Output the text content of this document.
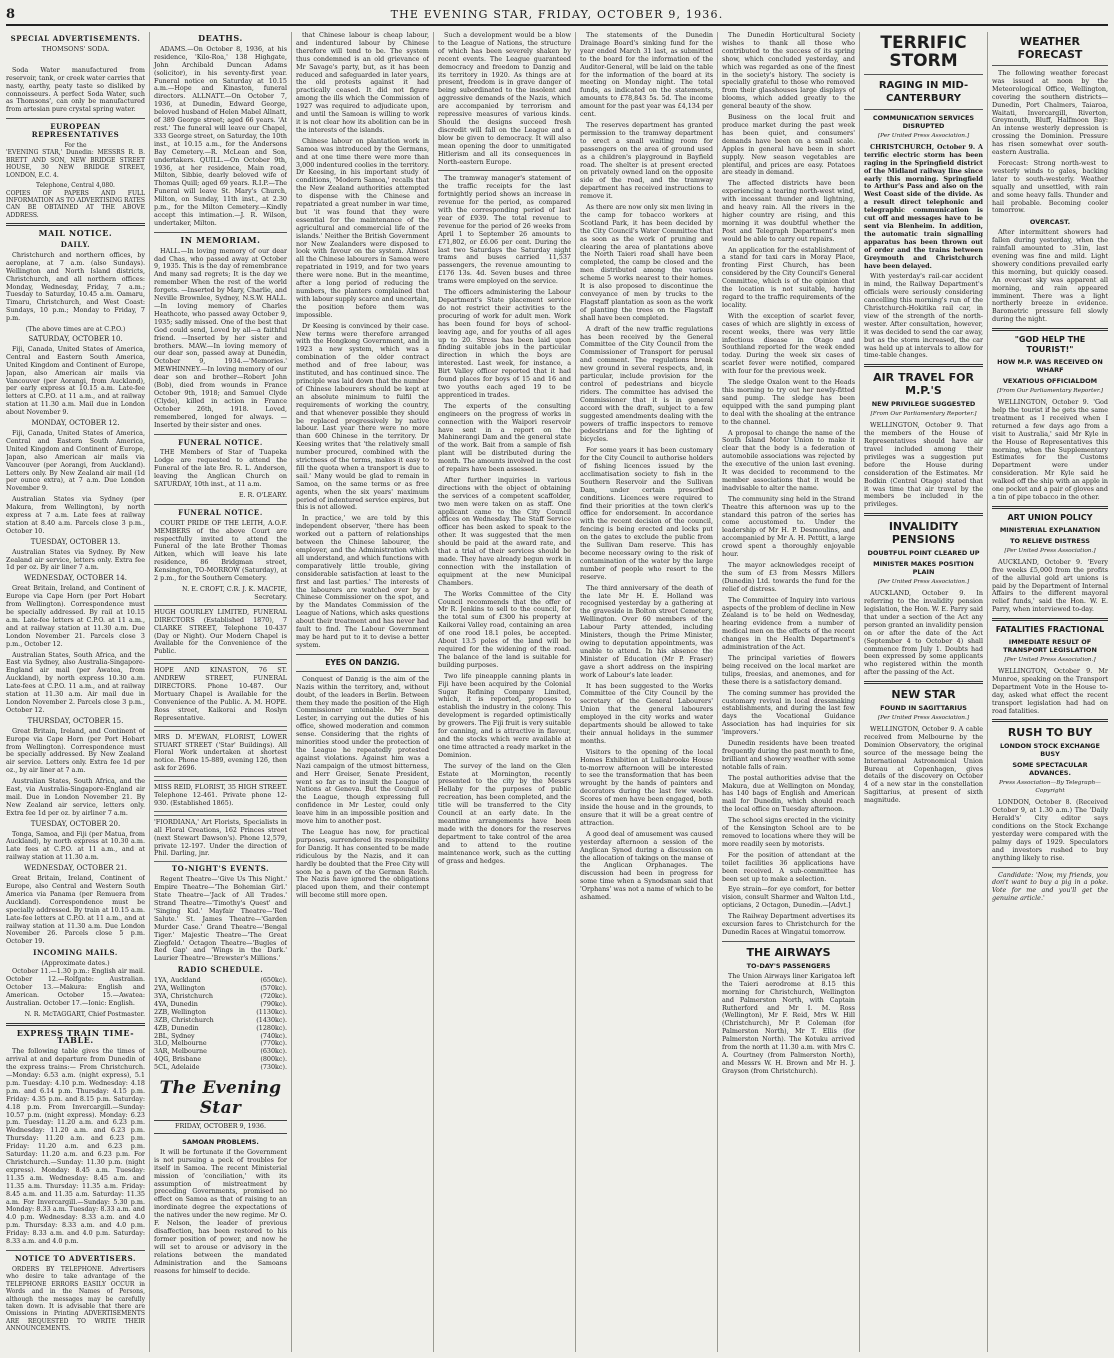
8	THE EVENING STAR, FRIDAY, OCTOBER 9, 1936.
SPECIAL ADVERTISEMENTS.
THOMSONS' SODA.
Soda Water manufactured from reservoir, tank, or creek water carries that nasty, earthy, peaty taste so disliked by connoisseurs. A perfect Soda Water, such as Thomsons', can only be manufactured from artesian pure crystal spring water.
EUROPEAN REPRESENTATIVES
For the
'EVENING STAR,' Dunedin: MESSRS R. B. BRETT AND SON, NEW BRIDGE STREET HOUSE, 30 NEW BRIDGE STREET, LONDON, E.C. 4.
Telephone, Central 4,080.
COPIES OF PAPERS AND FULL INFORMATION AS TO ADVERTISING RATES CAN BE OBTAINED AT THE ABOVE ADDRESS.
MAIL NOTICE.
DAILY.
Christchurch and northern offices, by aeroplane, at 7 a.m. (also Sundays). Wellington and North Island districts, Christchurch, and all northern offices: Monday, Wednesday, Friday, 7 a.m.; Tuesday to Saturday, 10.45 a.m. Oamaru, Timaru, Christchurch, and West Coast: Sundays, 10 p.m.; Monday to Friday, 7 p.m.
(The above times are at C.P.O.)
SATURDAY, OCTOBER 10.
Fiji, Canada, United States of America, Central and Eastern South America, United Kingdom and Continent of Europe, Japan, also American air mails via Vancouver (per Aorangi, from Auckland), per early express at 10.15 a.m. Late-fee letters at C.P.O. at 11 a.m., and at railway station at 11.30 a.m. Mail due in London about November 9.
MONDAY, OCTOBER 12.
Fiji, Canada, United States of America, Central and Eastern South America, United Kingdom and Continent of Europe, Japan, also American air mails via Vancouver (per Aorangi, from Auckland). Letters only. By New Zealand air mail (1d per ounce extra), at 7 a.m. Due London November 9.
Australian States via Sydney (per Makura, from Wellington), by north express at 7 a.m. Late fees at railway station at 8.40 a.m. Parcels close 3 p.m., October 10.
TUESDAY, OCTOBER 13.
Australian States via Sydney. By New Zealand air service, letters only. Extra fee 1d per oz. By air liner 7 a.m.
WEDNESDAY, OCTOBER 14.
Great Britain, Ireland, and Continent of Europe via Cape Horn (per Port Hobart from Wellington). Correspondence must be specially addressed. By rail at 10.15 a.m. Late-fee letters at C.P.O. at 11 a.m., and at railway station at 11.30 a.m. Due London November 21. Parcels close 3 p.m., October 12.
Australian States, South Africa, and the East via Sydney, also Australia-Singapore-England air mail (per Awatea, from Auckland), by north express 10.30 a.m. Late-fees at C.P.O. 11 a.m., and at railway station at 11.30 a.m. Air mail due in London November 2. Parcels close 3 p.m., October 12.
THURSDAY, OCTOBER 15.
Great Britain, Ireland, and Continent of Europe via Cape Horn (per Port Hobart from Wellington). Correspondence must be specially addressed. By New Zealand air service. Letters only. Extra fee 1d per oz., by air liner at 7 a.m.
Australian States, South Africa, and the East, via Australia-Singapore-England air mail. Due in London November 21. By New Zealand air service, letters only. Extra fee 1d per oz. by airliner 7 a.m.
TUESDAY, OCTOBER 20.
Tonga, Samoa, and Fiji (per Matua, from Auckland), by north express at 10.30 a.m. Late fees at C.P.O. at 11 a.m., and at railway station at 11.30 a.m.
WEDNESDAY, OCTOBER 21.
Great Britain, Ireland, Continent of Europe, also Central and Western South America via Panama (per Remuera from Auckland). Correspondence must be specially addressed. By train at 10.15 a.m. Late-fee letters at C.P.O. at 11 a.m., and at railway station at 11.30 a.m. Due London November 26. Parcels close 5 p.m. October 19.
INCOMING MAILS.
(Approximate dates.)
October 11.—1.30 p.m.: English air mail. October 12.—Rolfgate: Australian. October 13.—Makura: English and American. October 15.—Awatea: Australian. October 17.—Ionic: English.
N. R. McTAGGART, Chief Postmaster.
EXPRESS TRAIN TIME-TABLE.
The following table gives the times of arrival at and departure from Dunedin of the express trains:— From Christchurch.—Monday: 6.53 a.m. (night express), 5.1 p.m. Tuesday: 4.10 p.m. Wednesday: 4.18 p.m. and 6.14 p.m. Thursday: 4.15 p.m. Friday: 4.35 p.m. and 8.15 p.m. Saturday: 4.18 p.m. From Invercargill.—Sunday: 10.57 p.m. (night express). Monday: 6.23 p.m. Tuesday: 11.20 a.m. and 6.23 p.m. Wednesday: 11.20 a.m. and 6.23 p.m. Thursday: 11.20 a.m. and 6.23 p.m. Friday: 11.20 a.m. and 6.23 p.m. Saturday: 11.20 a.m. and 6.23 p.m. For Christchurch.—Sunday: 11.30 p.m. (night express). Monday: 8.45 a.m. Tuesday: 11.35 a.m. Wednesday: 8.45 a.m. and 11.35 a.m. Thursday: 11.35 a.m. Friday: 8.45 a.m. and 11.35 a.m. Saturday: 11.35 a.m. For Invercargill.—Sunday: 5.30 p.m. Monday: 8.33 a.m. Tuesday: 8.33 a.m. and 4.0 p.m. Wednesday: 8.33 a.m. and 4.0 p.m. Thursday: 8.33 a.m. and 4.0 p.m. Friday: 8.33 a.m. and 4.0 p.m. Saturday: 8.33 a.m. and 4.0 p.m.
NOTICE TO ADVERTISERS.
ORDERS BY TELEPHONE. Advertisers who desire to take advantage of the TELEPHONE ERRORS EASILY OCCUR in Words and in the Names of Persons, although the messages may be carefully taken down. It is advisable that there are Omissions in Printing ADVERTISEMENTS ARE REQUESTED TO WRITE THEIR ANNOUNCEMENTS.
DEATHS.
ADAMS.—On October 8, 1936, at his residence, 'Kilo-Roa,' 138 Highgate, John Archibald Duncan Adams (solicitor), in his seventy-first year. Funeral notice on Saturday at 10.15 a.m.—Hope and Kinaston, funeral directors. ALLNATT.—On October 7, 1936, at Dunedin, Edward George, beloved husband of Helen Mabel Allnatt, of 389 George street; aged 66 years. 'At rest.' The funeral will leave our Chapel, 333 George street, on Saturday, the 10th inst., at 10.15 a.m., for the Andersons Bay Cemetery.—R. McLean and Son, undertakers. QUILL.—On October 9th, 1936, at her residence, Main road, Milton, Sibbie, dearly beloved wife of Thomas Quill; aged 69 years. R.I.P.—The Funeral will leave St. Mary's Church, Milton, on Sunday, 11th inst., at 2.30 p.m., for the Milton Cemetery.—Kindly accept this intimation.—J. R. Wilson, undertaker, Milton.
IN MEMORIAM.
HALL.—In loving memory of our dear dad Chas, who passed away at October 9, 1935. This is the day of remembrance And many sad regrets; It is the day we remember When the rest of the world forgets. —Inserted by Mary, Charlie, and Neville Brownlee, Sydney, N.S.W. HALL.—In loving memory of Charles Heathcote, who passed away October 9, 1935; sadly missed. One of the best that God could send, Loved by all—a faithful friend. —Inserted by her sister and brothers. MAW.—In loving memory of our dear son, passed away at Dunedin, October 9, 1934.—'Memories.' MEWHINNEY.—In loving memory of our dear son and brother—Robert John (Bob), died from wounds in France October 9th, 1918; and Samuel Clyde (Clyde), killed in action in France October 26th, 1918. Loved, remembered, longed for always. —Inserted by their sister and ones.
FUNERAL NOTICE.
THE Members of Star of Tuapeka Lodge are requested to attend the Funeral of the late Bro. R. L. Anderson, leaving the Anglican Church on SATURDAY, 10th inst., at 11 a.m.
E. R. O'LEARY.
FUNERAL NOTICE.
COURT PRIDE OF THE LEITH, A.O.F. MEMBERS of the above Court are respectfully invited to attend the Funeral of the late Brother Thomas Aitken, which will leave his late residence, 86 Bridgman street, Kensington, TO-MORROW (Saturday), at 2 p.m., for the Southern Cemetery.
N. E. CROFT, C.R. J. K. MACFIE, Secretary.
HUGH GOURLEY LIMITED, FUNERAL DIRECTORS (Established 1870), 7 CLARKE STREET, Telephone 10-437 (Day or Night). Our Modern Chapel is Available for the Convenience of the Public.
HOPE AND KINASTON, 76 ST. ANDREW STREET, FUNERAL DIRECTORS. Phone 10-487. Our Mortuary Chapel is Available for the Convenience of the Public. A. M. HOPE. Ross street, Kaikorai and Roslyn Representative.
MRS D. M'EWAN, FLORIST, LOWER STUART STREET ('Star' Buildings). All Floral Work undertaken at shortest notice. Phone 15-889, evening 126, then ask for 2696.
MISS REID, FLORIST, 35 HIGH STREET. Telephone 12-461. Private phone 12-930. (Established 1865).
'FIORDIANA,' Art Florists, Specialists in all Floral Creations, 162 Princes street (next Stewart Dawson's). Phone 12,579, private 12-197. Under the direction of Phil. Darling, jnr.
TO-NIGHT'S EVENTS.
Regent Theatre—'Give Us This Night.' Empire Theatre—'The Bohemian Girl.' State Theatre—'Jack of All Trades.' Strand Theatre—'Timothy's Quest' and 'Singing Kid.' Mayfair Theatre—'Red Salute.' St. James Theatre—'Garden Murder Case.' Grand Theatre—'Bengal Tiger.' Majestic Theatre—'The Great Ziegfeld.' Octagon Theatre—'Bugles of Red Gap' and 'Wings in the Dark.' Laurier Theatre—'Brewster's Millions.'
RADIO SCHEDULE.
1YA, Auckland	(650kc).
2YA, Wellington	(570kc).
3YA, Christchurch	(720kc).
4YA, Dunedin	(790kc).
2ZB, Wellington	(1130kc).
3ZB, Christchurch	(1430kc).
4ZB, Dunedin	(1280kc).
2BL, Sydney	(740kc).
3LO, Melbourne	(770kc).
3AR, Melbourne	(630kc).
4QG, Brisbane	(800kc).
5CL, Adelaide	(730kc).
The Evening Star
FRIDAY, OCTOBER 9, 1936.
SAMOAN PROBLEMS.
It will be fortunate if the Government is not pursuing a peck of troubles for itself in Samoa. The recent Ministerial mission of 'conciliation,' with its assumption of mistreatment by preceding Governments, promised no effect on Samoa as that of raising to an inordinate degree the expectations of the natives under the new regime. Mr O. F. Nelson, the leader of previous disaffection, has been restored to his former position of power, and now he will set to arouse or advisory in the relations between the mandated Administration and the Samoans reasons for himself to decide.
that Chinese labour is cheap labour, and indentured labour by Chinese therefore will tend to be. The system thus condemned is an old grievance of Mr Savage's party, but, as it has been reduced and safeguarded in later years, the old protests against it had practically ceased. It did not figure among the ills which the Commission of 1927 was required to adjudicate upon, and until the Samoan is willing to work it is not clear how its abolition can be in the interests of the islands.
Chinese labour on plantation work in Samoa was introduced by the Germans, and at one time there were more than 3,000 indentured coolies in the territory. Dr Keesing, in his important study of conditions, 'Modern Samoa,' recalls that the New Zealand authorities attempted to dispense with the Chinese and repatriated a great number in war time, but 'it was found that they were essential for the maintenance of the agricultural and commercial life of the islands.' Neither the British Government nor New Zealanders were disposed to look with favour on the system. Almost all the Chinese labourers in Samoa were repatriated in 1919, and for two years there were none. But in the meantime, after a long period of reducing the numbers, the planters complained that with labour supply scarce and uncertain, the position before them was impossible.
Dr Keesing is convinced by their case. New terms were therefore arranged with the Hongkong Government, and in 1923 a new system, which was a combination of the older contract method and of free labour, was instituted, and has continued since. The principle was laid down that the number of Chinese labourers should be kept at an absolute minimum to fulfil the requirements of working the country, and that whenever possible they should be replaced progressively by native labour. Last year there were no more than 600 Chinese in the territory. Dr Keesing writes that 'the relatively small number procured, combined with the strictness of the terms, makes it easy to fill the quota when a transport is due to sail.' Many would be glad to remain in Samoa, on the same terms or as free agents, when the six years' maximum period of indentured service expires, but this is not allowed.
In practice,' we are told by this independent observer, 'there has been worked out a pattern of relationships between the Chinese labourer, the employer, and the Administration which all understand, and which functions with comparatively little trouble, giving considerable satisfaction at least to the first and last parties.' The interests of the labourers are watched over by a Chinese Commissioner on the spot, and by the Mandates Commission of the League of Nations, which asks questions about their treatment and has never had fault to find. The Labour Government may be hard put to it to devise a better system.
EYES ON DANZIG.
Conquest of Danzig is the aim of the Nazis within the territory, and, without doubt, of the leaders in Berlin. Between them they made the position of the High Commissioner untenable. Mr Sean Lester, in carrying out the duties of his office, showed moderation and common sense. Considering that the rights of minorities stood under the protection of the League he repeatedly protested against violations. Against him was a Nazi campaign of the utmost bitterness, and Herr Greiser, Senate President, went so far as to insult the League of Nations at Geneva. But the Council of the League, though expressing full confidence in Mr Lester, could only leave him in an impossible position and move him to another post.
The League has now, for practical purposes, surrendered its responsibility for Danzig. It has consented to be made ridiculous by the Nazis, and it can hardly be doubted that the Free City will soon be a pawn of the German Reich. The Nazis have ignored the obligations placed upon them, and their contempt will become still more open.
Such a development would be a blow to the League of Nations, the structure of which has been severely shaken by recent events. The League guaranteed democracy and freedom to Danzig and its territory in 1920. As things are at present, freedom is in grave danger of being subordinated to the insolent and aggressive demands of the Nazis, which are accompanied by terrorism and repressive measures of various kinds. Should the designs succeed fresh discredit will fall on the League and a blow be given to democracy. It will also mean opening the door to unmitigated Hitlerism and all its consequences in North-eastern Europe.
The tramway manager's statement of the traffic receipts for the last fortnightly period shows an increase in revenue for the period, as compared with the corresponding period of last year of £939. The total revenue to revenue for the period of 26 weeks from April 1 to September 26 amounts to £71,802, or £6.06 per cent. During the last two Saturdays the Saturday night trams and buses carried 11,537 passengers, the revenue amounting to £176 13s. 4d. Seven buses and three trams were employed on the service.
The officers administering the Labour Department's State placement service do not restrict their activities to the procuring of work for adult men. Work has been found for boys of school-leaving age, and for youths of all ages up to 20. Stress has been laid upon finding suitable jobs in the particular direction in which the boys are interested. Last week, for instance, a Birt Valley officer reported that it had found places for boys of 15 and 16 and two youths each aged 19 to be apprenticed in trades.
The experts of the consulting engineers on the progress of works in connection with the Waipori reservoir have sent in a report on the Mahinerangi Dam and the general state of the work. Bait from a sample of fish plant will be distributed during the month. The amounts involved in the cost of repairs have been assessed.
After further inquiries in various directions with the object of obtaining the services of a competent scaffolder, two men were taken on as staff. One applicant came to the City Council offices on Wednesday. The Staff Service officer has been asked to speak to the other. It was suggested that the men should be paid at the award rate, and that a trial of their services should be made. They have already begun work in connection with the installation of equipment at the new Municipal Chambers.
The Works Committee of the City Council recommends that the offer of Mr R. Jenkins to sell to the council, for the total sum of £300 his property at Kaikorai Valley road, containing an area of one rood 18.1 poles, be accepted. About 13.5 poles of the land will be required for the widening of the road. The balance of the land is suitable for building purposes.
Two life pineapple canning plants in Fiji have been acquired by the Colonial Sugar Refining Company Limited, which, it is reported, proposes to establish the industry in the colony. This development is regarded optimistically by growers. The Fiji fruit is very suitable for canning, and is attractive in flavour, and the stocks which were available at one time attracted a ready market in the Dominion.
The survey of the land on the Glen Estate at Mornington, recently presented to the city by the Messrs Hellaby for the purposes of public recreation, has been completed, and the title will be transferred to the City Council at an early date. In the meantime arrangements have been made with the donors for the reserves department to take control of the area and to attend to the routine maintenance work, such as the cutting of grass and hedges.
The statements of the Dunedin Drainage Board's sinking fund for the year ended March 31 last, as submitted to the board for the information of the Auditor-General, will be laid on the table for the information of the board at its meeting on Monday night. The total funds, as indicated on the statements, amounts to £78,843 5s. 5d. The income amount for the past year was £4,134 per cent.
The reserves department has granted permission to the tramway department to erect a small waiting room for passengers on the area of ground used as a children's playground in Bayfield road. The shelter is at present erected on privately owned land on the opposite side of the road, and the tramway department has received instructions to remove it.
As there are now only six men living in the camp for tobacco workers at Scotland Park, it has been decided by the City Council's Water Committee that as soon as the work of pruning and clearing the area of plantations above the North Taieri road shall have been completed, the camp be closed and the men distributed among the various scheme 5 works nearest to their homes. It is also proposed to discontinue the conveyance of men by trucks to the Flagstaff plantation as soon as the work of planting the trees on the Flagstaff shall have been completed.
A draft of the new traffic regulations has been received by the General Committee of the City Council from the Commissioner of Transport for perusal and comment. The regulations break new ground in several respects, and, in particular, include provision for the control of pedestrians and bicycle riders. The committee has advised the Commissioner that it is in general accord with the draft, subject to a few suggested amendments dealing with the powers of traffic inspectors to remove pedestrians and for the lighting of bicycles.
For some years it has been customary for the City Council to authorise holders of fishing licences issued by the acclimatisation society to fish in the Southern Reservoir and the Sullivan Dam, under certain prescribed conditions. Licences were required to find their priorities at the town clerk's office for endorsement. In accordance with the recent decision of the council, fencing is being erected and locks put on the gates to exclude the public from the Sullivan Dam reserve. This has become necessary owing to the risk of contamination of the water by the large number of people who resort to the reserve.
The third anniversary of the death of the late Mr H. E. Holland was recognised yesterday by a gathering at the graveside in Bolton street Cemetery, Wellington. Over 60 members of the Labour Party attended, including Ministers, though the Prime Minister, owing to deputation appointments, was unable to attend. In his absence the Minister of Education (Mr P. Fraser) gave a short address on the inspiring work of Labour's late leader.
It has been suggested to the Works Committee of the City Council by the secretary of the General Labourers' Union that the general labourers employed in the city works and water departments should be allowed to take their annual holidays in the summer months.
Visitors to the opening of the local Homes Exhibition at Lullabrooke House to-morrow afternoon will be interested to see the transformation that has been wrought by the hands of painters and decorators during the last few weeks. Scores of men have been engaged, both inside the house and in the grounds, to ensure that it will be a great centre of attraction.
A good deal of amusement was caused yesterday afternoon a session of the Anglican Synod during a discussion on the allocation of takings on the manse of the Anglican Orphanages. The discussion had been in progress for some time when a Synodsman said that 'Orphans' was not a name of which to be ashamed.
The Dunedin Horticultural Society wishes to thank all those who contributed to the success of its spring show, which concluded yesterday, and which was regarded as one of the finest in the society's history. The society is specially grateful to those who removed from their glasshouses large displays of blooms, which added greatly to the general beauty of the show.
Business on the local fruit and produce market during the past week has been quiet, and consumers' demands have been on a small scale. Apples in general have been in short supply. New season vegetables are plentiful, and prices are easy. Potatoes are steady in demand.
The affected districts have been experiencing a tearing north-west wind, with incessant thunder and lightning, and heavy rain. All the rivers in the higher country are rising, and this morning it was doubtful whether the Post and Telegraph Department's men would be able to carry out repairs.
An application for the establishment of a stand for taxi cars in Moray Place, fronting First Church, has been considered by the City Council's General Committee, which is of the opinion that the location is not suitable, having regard to the traffic requirements of the locality.
With the exception of scarlet fever, cases of which are slightly in excess of recent weeks, there was very little infectious disease in Otago and Southland reported for the week ended today. During the week six cases of scarlet fever were notified, compared with four for the previous week.
The sledge Oxalon went to the Heads this morning to try out her newly-fitted sand pump. The sledge has been equipped with the sand pumping plant to deal with the shoaling at the entrance to the channel.
A proposal to change the name of the South Island Motor Union to make it clear that the body is a federation of automobile associations was rejected by the executive of the union last evening. It was decided to recommend to the member associations that it would be inadvisable to alter the name.
The community sing held in the Strand Theatre this afternoon was up to the standard this patron of the series has come accustomed to. Under the leadership of Mr H. P. Desmoulins, and accompanied by Mr A. H. Pettitt, a large crowd spent a thoroughly enjoyable hour.
The mayor acknowledges receipt of the sum of £3 from Messrs Millers (Dunedin) Ltd. towards the fund for the relief of distress.
The Committee of Inquiry into various aspects of the problem of decline in New Zealand is to be held on Wednesday, hearing evidence from a number of medical men on the effects of the recent changes in the Health Department's administration of the Act.
The principal varieties of flowers being received on the local market are tulips, freesias, and anemones, and for these there is a satisfactory demand.
The coming summer has provided the customary revival in local dressmaking establishments, and during the last few days the Vocational Guidance Association has had inquiries for six 'improvers.'
Dunedin residents have been treated frequently during the past month to fine, brilliant and showery weather with some notable falls of rain.
The postal authorities advise that the Makura, due at Wellington on Monday, has 140 bags of English and American mail for Dunedin, which should reach the local office on Tuesday afternoon.
The school signs erected in the vicinity of the Kensington School are to be removed to locations where they will be more readily seen by motorists.
For the position of attendant at the toilet facilities 36 applications have been received. A sub-committee has been set up to make a selection.
Eye strain—for eye comfort, for better vision, consult Sharmer and Walton Ltd., opticians, 2 Octagon, Dunedin.—[Advt.]
The Railway Department advertises its excursion fares to Christchurch for the Dunedin Races at Wingatui tomorrow.
THE AIRWAYS
TO-DAY'S PASSENGERS
The Union Airways liner Karigatoa left the Taieri aerodrome at 8.15 this morning for Christchurch, Wellington and Palmerston North, with Captain Rutherford and Mr I. M. Ross (Wellington), Mr F. Reid, Mrs W. Hill (Christchurch), Mr P. Coleman (for Palmerston North), Mr T. Ellis (for Palmerston North). The Kotuku arrived from the north at 11.30 a.m. with Mrs C. A. Courtney (from Palmerston North), and Messrs W. H. Brown and Mr H. J. Grayson (from Christchurch).
TERRIFIC STORM
RAGING IN MID-CANTERBURY
COMMUNICATION SERVICES DISRUPTED
[Per United Press Association.]
CHRISTCHURCH, October 9. A terrific electric storm has been raging in the Springfield district of the Midland railway line since early this morning. Springfield to Arthur's Pass and also on the West Coast side of the divide. As a result direct telephonic and telegraphic communication is cut off and messages have to be sent via Blenheim. In addition, the automatic train signalling apparatus has been thrown out of order and the trains between Greymouth and Christchurch have been delayed.
With yesterday's rail-car accident in mind, the Railway Department's officials were seriously considering cancelling this morning's run of the Christchurch-Hokitika rail car, in view of the strength of the north-wester. After consultation, however, it was decided to send the car away, but as the storm increased, the car was held up at intervals to allow for time-table changes.
AIR TRAVEL FOR M.P.'S
NEW PRIVILEGE SUGGESTED
[From Our Parliamentary Reporter.]
WELLINGTON, October 9. That the members of the House of Representatives should have air travel included among their privileges was a suggestion put before the House during consideration of the Estimates. Mr Bodkin (Central Otago) stated that it was time that air travel by the members be included in the privileges.
INVALIDITY PENSIONS
DOUBTFUL POINT CLEARED UP
MINISTER MAKES POSITION PLAIN
[Per United Press Association.]
AUCKLAND, October 9. In referring to the invalidity pension legislation, the Hon. W. E. Parry said that under a section of the Act any person granted an invalidity pension on or after the date of the Act (September 4 to October 4) shall commence from July 1. Doubts had been expressed by some applicants who registered within the month after the passing of the Act.
NEW STAR
FOUND IN SAGITTARIUS
[Per United Press Association.]
WELLINGTON, October 9. A cable received from Melbourne by the Dominion Observatory, the original source of the message being the International Astronomical Union Bureau at Copenhagen, gives details of the discovery on October 4 of a new star in the constellation Sagittarius, at present of sixth magnitude.
WEATHER FORECAST
The following weather forecast was issued at noon by the Meteorological Office, Wellington, covering the southern districts—Dunedin, Port Chalmers, Taiaroa, Waitati, Invercargill, Riverton, Greymouth, Bluff, Halfmoon Bay: An intense westerly depression is crossing the Dominion. Pressure has risen somewhat over south-eastern Australia.
Forecast: Strong north-west to westerly winds to gales, backing later to south-westerly. Weather squally and unsettled, with rain and some heavy falls. Thunder and hail probable. Becoming cooler tomorrow.
OVERCAST.
After intermittent showers had fallen during yesterday, when the rainfall amounted to .31in, last evening was fine and mild. Light showery conditions prevailed early this morning, but quickly ceased. An overcast sky was apparent all morning, and rain appeared imminent. There was a light northerly breeze in evidence. Barometric pressure fell slowly during the night.
"GOD HELP THE TOURIST!"
HOW M.P. WAS RECEIVED ON WHARF
VEXATIOUS OFFICIALDOM
[From Our Parliamentary Reporter.]
WELLINGTON, October 9. 'God help the tourist if he gets the same treatment as I received when I returned a few days ago from a visit to Australia,' said Mr Kyle in the House of Representatives this morning, when the Supplementary Estimates for the Customs Department were under consideration. Mr Kyle said he walked off the ship with an apple in one pocket and a pair of gloves and a tin of pipe tobacco in the other.
ART UNION POLICY
MINISTERIAL EXPLANATION
TO RELIEVE DISTRESS
[Per United Press Association.]
AUCKLAND, October 9. 'Every five weeks £5,000 from the profits of the alluvial gold art unions is paid by the Department of Internal Affairs to the different mayoral relief funds,' said the Hon. W. E. Parry, when interviewed to-day.
FATALITIES FRACTIONAL
IMMEDIATE RESULT OF TRANSPORT LEGISLATION
[Per United Press Association.]
WELLINGTON, October 9. Mr Munroe, speaking on the Transport Department Vote in the House to-day, asked what effect the recent transport legislation had had on road fatalities.
RUSH TO BUY
LONDON STOCK EXCHANGE BUSY
SOME SPECTACULAR ADVANCES.
Press Association—By Telegraph—Copyright
LONDON, October 8. (Received October 9, at 1.30 a.m.) The 'Daily Herald's' City editor says conditions on the Stock Exchange yesterday were compared with the palmy days of 1929. Speculators and investors rushed to buy anything likely to rise.
Candidate: 'Now, my friends, you don't want to buy a pig in a poke. Vote for me and you'll get the genuine article.'
